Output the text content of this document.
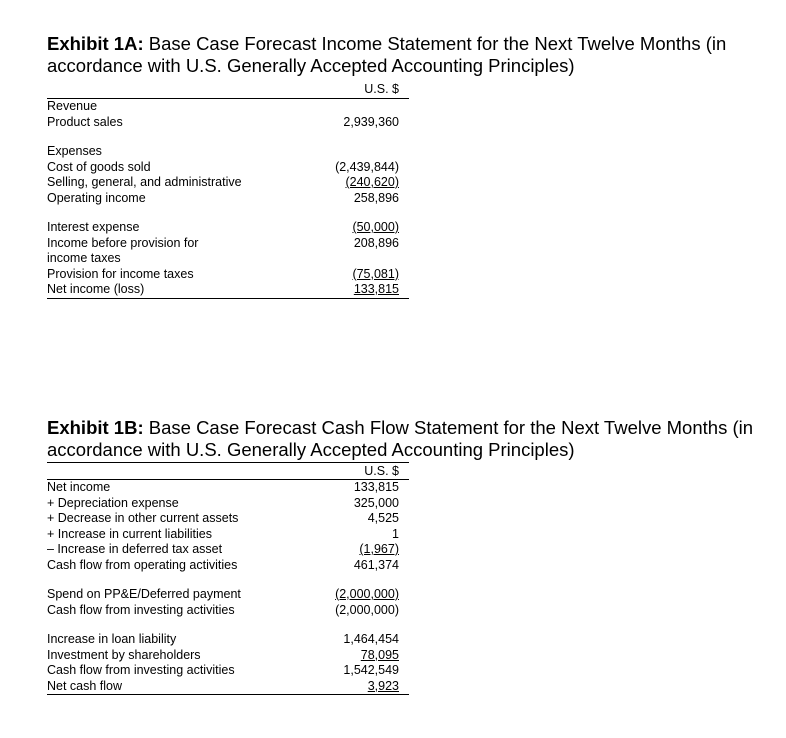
Exhibit 1A: Base Case Forecast Income Statement for the Next Twelve Months (in accordance with U.S. Generally Accepted Accounting Principles)
U.S. $
Revenue
Product sales	2,939,360
Expenses
Cost of goods sold	(2,439,844)
Selling, general, and administrative	(240,620)
Operating income	258,896
Interest expense	(50,000)
Income before provision for	208,896
income taxes
Provision for income taxes	(75,081)
Net income (loss)	133,815
Exhibit 1B: Base Case Forecast Cash Flow Statement for the Next Twelve Months (in accordance with U.S. Generally Accepted Accounting Principles)
U.S. $
Net income	133,815
+ Depreciation expense	325,000
+ Decrease in other current assets	4,525
+ Increase in current liabilities	1
– Increase in deferred tax asset	(1,967)
Cash flow from operating activities	461,374
Spend on PP&E/Deferred payment	(2,000,000)
Cash flow from investing activities	(2,000,000)
Increase in loan liability	1,464,454
Investment by shareholders	78,095
Cash flow from investing activities	1,542,549
Net cash flow	3,923
